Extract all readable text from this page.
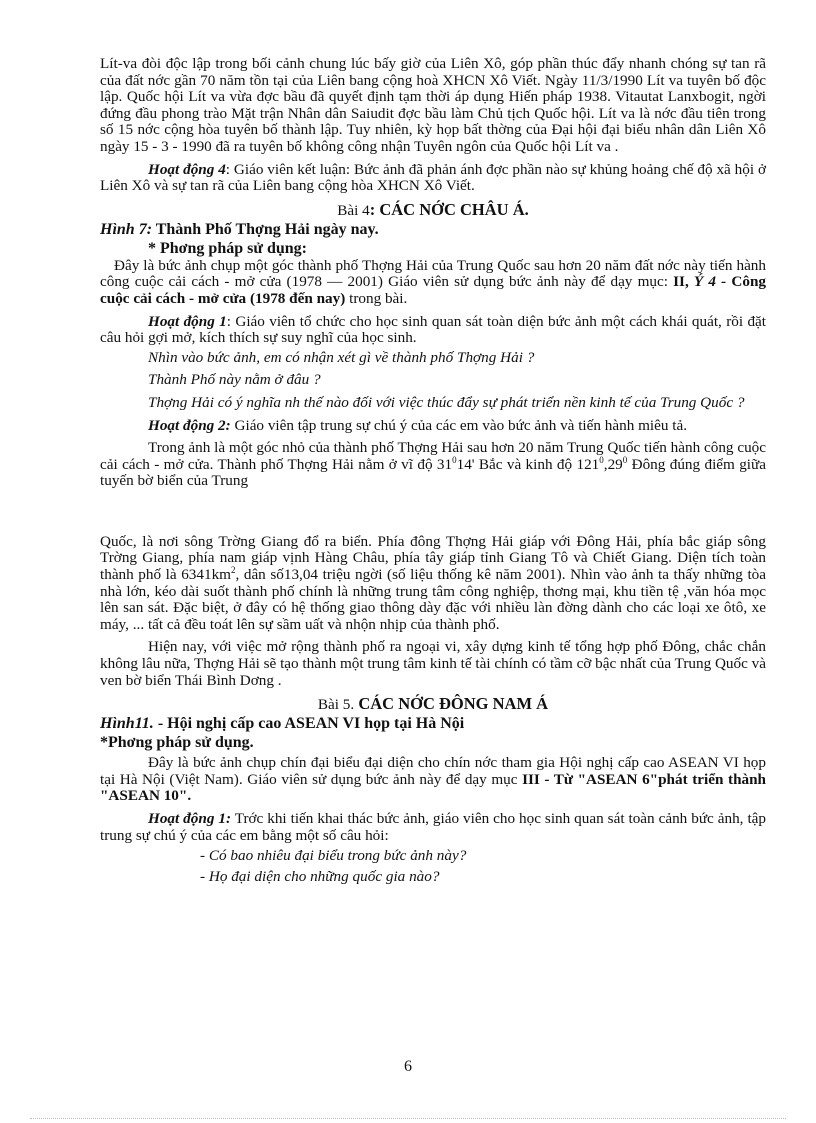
Lít-va đòi độc lập trong bối cảnh chung lúc bấy giờ của Liên Xô, góp phần thúc đẩy nhanh chóng sự tan rã của đất nớc gần 70 năm tồn tại của Liên bang cộng hoà XHCN Xô Viết. Ngày 11/3/1990 Lít va tuyên bố độc lập. Quốc hội Lít va vừa đợc bầu đã quyết định tạm thời áp dụng Hiến pháp 1938. Vitautat Lanxbogit, ngời đứng đầu phong trào Mặt trận Nhân dân Saiudit đợc bầu làm Chủ tịch Quốc hội. Lít va là nớc đầu tiên trong số 15 nớc cộng hòa tuyên bố thành lập. Tuy nhiên, kỳ họp bất thờng của Đại hội đại biểu nhân dân Liên Xô ngày 15 - 3 - 1990 đã ra tuyên bố không công nhận Tuyên ngôn của Quốc hội Lít va .

Hoạt động 4: Giáo viên kết luận: Bức ảnh đã phản ánh đợc phần nào sự khủng hoảng chế độ xã hội ở Liên Xô và sự tan rã của Liên bang cộng hòa XHCN Xô Viết.

Bài 4: CÁC NỚC CHÂU Á.

Hình 7: Thành Phố Thợng Hải ngày nay.

* Phơng pháp sử dụng:

Đây là bức ảnh chụp một góc thành phố Thợng Hải của Trung Quốc sau hơn 20 năm đất nớc này tiến hành công cuộc cải cách - mở cửa (1978 — 2001) Giáo viên sử dụng bức ảnh này để dạy mục: II, Ý 4 - Công cuộc cải cách - mở cửa (1978 đến nay) trong bài.

Hoạt động 1: Giáo viên tổ chức cho học sinh quan sát toàn diện bức ảnh một cách khái quát, rồi đặt câu hỏi gợi mở, kích thích sự suy nghĩ của học sinh.

Nhìn vào bức ảnh, em có nhận xét gì về thành phố Thợng Hải ?

Thành Phố này nằm ở đâu ?

Thợng Hải có ý nghĩa nh thế nào đối với việc thúc đẩy sự phát triển nền kinh tế của Trung Quốc ?

Hoạt động 2: Giáo viên tập trung sự chú ý của các em vào bức ảnh và tiến hành miêu tả.

Trong ảnh là một góc nhỏ của thành phố Thợng Hải sau hơn 20 năm Trung Quốc tiến hành công cuộc cải cách - mở cửa. Thành phố Thợng Hải nằm ở vĩ độ $31^014'$ Bắc và kinh độ $121^0,29^0$ Đông đúng điểm giữa tuyến bờ biển của Trung

Quốc, là nơi sông Trờng Giang đổ ra biển. Phía đông Thợng Hải giáp với Đông Hải, phía bắc giáp sông Trờng Giang, phía nam giáp vịnh Hàng Châu, phía tây giáp tỉnh Giang Tô và Chiết Giang. Diện tích toàn thành phố là $6341km^2$, dân số13,04 triệu ngời (số liệu thống kê năm 2001). Nhìn vào ảnh ta thấy những tòa nhà lớn, kéo dài suốt thành phố chính là những trung tâm công nghiệp, thơng mại, khu tiền tệ ,văn hóa mọc lên san sát. Đặc biệt, ở đây có hệ thống giao thông dày đặc với nhiều làn đờng dành cho các loại xe ôtô, xe máy, ... tất cả đều toát lên sự sầm uất và nhộn nhịp của thành phố.

Hiện nay, với việc mở rộng thành phố ra ngoại vi, xây dựng kinh tế tổng hợp phố Đông, chắc chắn không lâu nữa, Thợng Hải sẽ tạo thành một trung tâm kinh tế tài chính có tầm cỡ bậc nhất của Trung Quốc và ven bờ biển Thái Bình Dơng .

Bài 5. CÁC NỚC ĐÔNG NAM Á

Hình11. - Hội nghị cấp cao ASEAN VI họp tại Hà Nội

*Phơng pháp sử dụng.

Đây là bức ảnh chụp chín đại biểu đại diện cho chín nớc tham gia Hội nghị cấp cao ASEAN VI họp tại Hà Nội (Việt Nam). Giáo viên sử dụng bức ảnh này để dạy mục III - Từ "ASEAN 6"phát triển thành "ASEAN 10".

Hoạt động 1: Trớc khi tiến khai thác bức ảnh, giáo viên cho học sinh quan sát toàn cảnh bức ảnh, tập trung sự chú ý của các em bằng một số câu hỏi:

- Có bao nhiêu đại biểu trong bức ảnh này?

- Họ đại diện cho những quốc gia nào?

6
